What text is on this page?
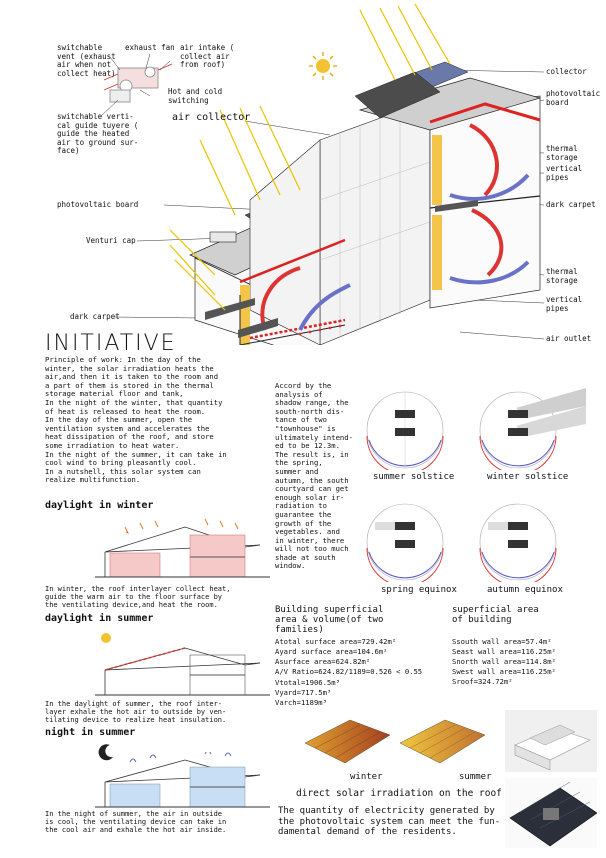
switchable
vent (exhaust
air when not
collect heat)
exhaust fan air intake (
collect air
from roof)
Hot and cold
switching
switchable verti-
cal guide tuyere (
guide the heated
air to ground sur-
face)
air collector
collector
photovoltaic
board
thermal
storage
vertical
pipes
dark carpet
photovoltaic board
Venturi cap
thermal
storage
vertical
pipes
dark carpet
air outlet
INITIATIVE
Principle of work: In the day of the
winter, the solar irradiation heats the
air,and then it is taken to the room and
a part of them is stored in the thermal
storage material floor and tank,
In the night of the winter, that quantity
of heat is released to heat the room.
In the day of the summer, open the
ventilation system and accelerates the
heat dissipation of the roof, and store
some irradiation to heat water.
In the night of the summer, it can take in
cool wind to bring pleasantly cool.
In a nutshell, this solar system can
realize multifunction.
daylight in winter
In winter, the roof interlayer collect heat,
guide the warm air to the floor surface by
the ventilating device,and heat the room.
daylight in summer
In the daylight of summer, the roof inter-
layer exhale the hot air to outside by ven-
tilating device to realize heat insulation.
night in summer
In the night of summer, the air in outside
is cool, the ventilating device can take in
the cool air and exhale the hot air inside.
Accord by the
analysis of
shadow range, the
south-north dis-
tance of two
"townhouse" is
ultimately intend-
ed to be 12.3m.
The result is, in
the spring,
summer and
autumn, the south
courtyard can get
enough solar ir-
radiation to
guarantee the
growth of the
vegetables. and
in winter, there
will not too much
shade at south
window.
summer solstice	winter solstice
spring equinox	autumn equinox
Building superficial
area & volume(of two
families)
Atotal surface area=729.42m²
Ayard surface area=104.6m²
Asurface area=624.82m²
A/V Ratio=624.82/1189=0.526 < 0.55
Vtotal=1906.5m³
Vyard=717.5m³
Varch=1189m³
superficial area
of building
Ssouth wall area=57.4m²
Seast wall area=116.25m²
Snorth wall area=114.8m²
Swest wall area=116.25m²
Sroof=324.72m²
winter	summer
direct solar irradiation on the roof
The quantity of electricity generated by
the photovoltaic system can meet the fun-
damental demand of the residents.
